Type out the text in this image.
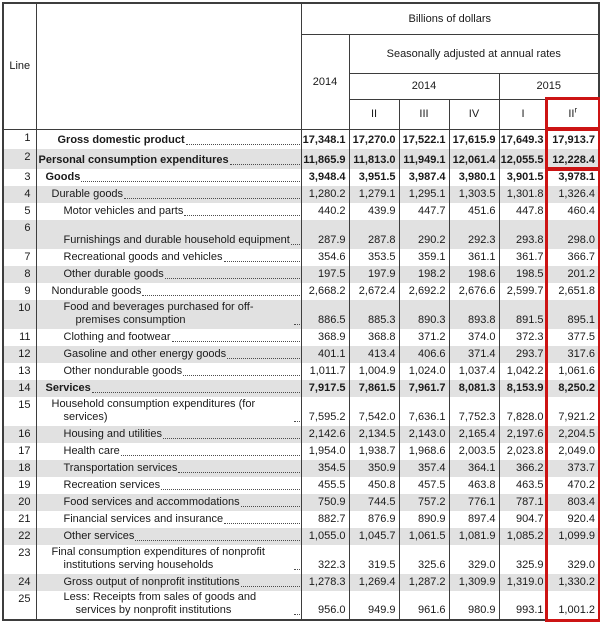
Line		Billions of dollars					
		2014	Seasonally adjusted at annual rates				
			2014			2015	
			II	III	IV	I	$II^r$
1	Gross domestic product	17,348.1	17,270.0	17,522.1	17,615.9	17,649.3	17,913.7
2	Personal consumption expenditures	11,865.9	11,813.0	11,949.1	12,061.4	12,055.5	12,228.4
3	Goods	3,948.4	3,951.5	3,987.4	3,980.1	3,901.5	3,978.1
4	Durable goods	1,280.2	1,279.1	1,295.1	1,303.5	1,301.8	1,326.4
5	Motor vehicles and parts	440.2	439.9	447.7	451.6	447.8	460.4
6	Furnishings and durable household equipment	287.9	287.8	290.2	292.3	293.8	298.0
7	Recreational goods and vehicles	354.6	353.5	359.1	361.1	361.7	366.7
8	Other durable goods	197.5	197.9	198.2	198.6	198.5	201.2
9	Nondurable goods	2,668.2	2,672.4	2,692.2	2,676.6	2,599.7	2,651.8
10	Food and beverages purchased for off-premises consumption	886.5	885.3	890.3	893.8	891.5	895.1
11	Clothing and footwear	368.9	368.8	371.2	374.0	372.3	377.5
12	Gasoline and other energy goods	401.1	413.4	406.6	371.4	293.7	317.6
13	Other nondurable goods	1,011.7	1,004.9	1,024.0	1,037.4	1,042.2	1,061.6
14	Services	7,917.5	7,861.5	7,961.7	8,081.3	8,153.9	8,250.2
15	Household consumption expenditures (for services)	7,595.2	7,542.0	7,636.1	7,752.3	7,828.0	7,921.2
16	Housing and utilities	2,142.6	2,134.5	2,143.0	2,165.4	2,197.6	2,204.5
17	Health care	1,954.0	1,938.7	1,968.6	2,003.5	2,023.8	2,049.0
18	Transportation services	354.5	350.9	357.4	364.1	366.2	373.7
19	Recreation services	455.5	450.8	457.5	463.8	463.5	470.2
20	Food services and accommodations	750.9	744.5	757.2	776.1	787.1	803.4
21	Financial services and insurance	882.7	876.9	890.9	897.4	904.7	920.4
22	Other services	1,055.0	1,045.7	1,061.5	1,081.9	1,085.2	1,099.9
23	Final consumption expenditures of nonprofit institutions serving households	322.3	319.5	325.6	329.0	325.9	329.0
24	Gross output of nonprofit institutions	1,278.3	1,269.4	1,287.2	1,309.9	1,319.0	1,330.2
25	Less: Receipts from sales of goods and services by nonprofit institutions	956.0	949.9	961.6	980.9	993.1	1,001.2
